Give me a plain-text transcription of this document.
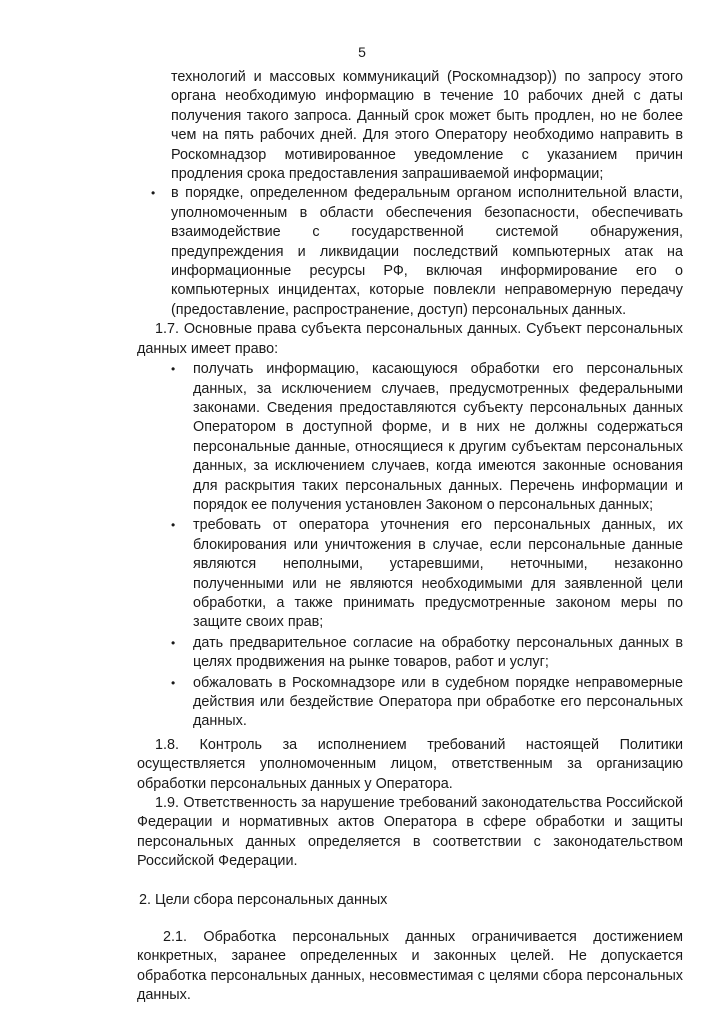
5
технологий и массовых коммуникаций (Роскомнадзор)) по запросу этого органа необходимую информацию в течение 10 рабочих дней с даты получения такого запроса. Данный срок может быть продлен, но не более чем на пять рабочих дней. Для этого Оператору необходимо направить в Роскомнадзор мотивированное уведомление с указанием причин продления срока предоставления запрашиваемой информации;
• в порядке, определенном федеральным органом исполнительной власти, уполномоченным в области обеспечения безопасности, обеспечивать взаимодействие с государственной системой обнаружения, предупреждения и ликвидации последствий компьютерных атак на информационные ресурсы РФ, включая информирование его о компьютерных инцидентах, которые повлекли неправомерную передачу (предоставление, распространение, доступ) персональных данных.

1.7. Основные права субъекта персональных данных. Субъект персональных данных имеет право:

• получать информацию, касающуюся обработки его персональных данных, за исключением случаев, предусмотренных федеральными законами. Сведения предоставляются субъекту персональных данных Оператором в доступной форме, и в них не должны содержаться персональные данные, относящиеся к другим субъектам персональных данных, за исключением случаев, когда имеются законные основания для раскрытия таких персональных данных. Перечень информации и порядок ее получения установлен Законом о персональных данных;
• требовать от оператора уточнения его персональных данных, их блокирования или уничтожения в случае, если персональные данные являются неполными, устаревшими, неточными, незаконно полученными или не являются необходимыми для заявленной цели обработки, а также принимать предусмотренные законом меры по защите своих прав;
• дать предварительное согласие на обработку персональных данных в целях продвижения на рынке товаров, работ и услуг;
• обжаловать в Роскомнадзоре или в судебном порядке неправомерные действия или бездействие Оператора при обработке его персональных данных.

1.8. Контроль за исполнением требований настоящей Политики осуществляется уполномоченным лицом, ответственным за организацию обработки персональных данных у Оператора.

1.9. Ответственность за нарушение требований законодательства Российской Федерации и нормативных актов Оператора в сфере обработки и защиты персональных данных определяется в соответствии с законодательством Российской Федерации.

2. Цели сбора персональных данных

2.1. Обработка персональных данных ограничивается достижением конкретных, заранее определенных и законных целей. Не допускается обработка персональных данных, несовместимая с целями сбора персональных данных.
